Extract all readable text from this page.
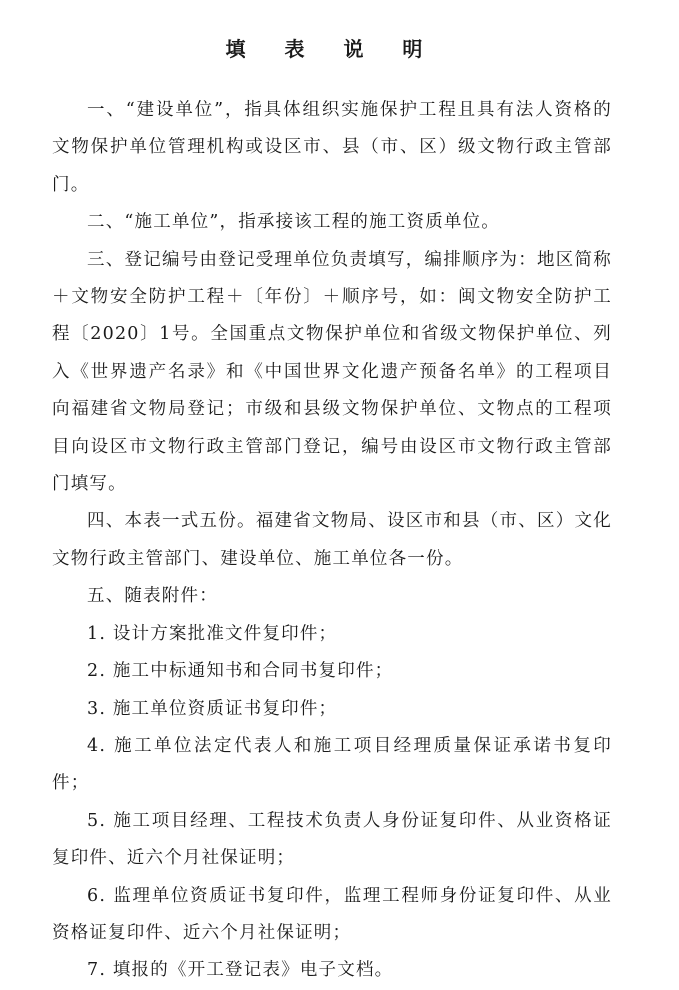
填 表 说 明

一、“建设单位”，指具体组织实施保护工程且具有法人资格的文物保护单位管理机构或设区市、县（市、区）级文物行政主管部门。

二、“施工单位”，指承接该工程的施工资质单位。

三、登记编号由登记受理单位负责填写，编排顺序为：地区简称＋文物安全防护工程＋〔年份〕＋顺序号，如：闽文物安全防护工程〔2020〕1号。全国重点文物保护单位和省级文物保护单位、列入《世界遗产名录》和《中国世界文化遗产预备名单》的工程项目向福建省文物局登记；市级和县级文物保护单位、文物点的工程项目向设区市文物行政主管部门登记，编号由设区市文物行政主管部门填写。

四、本表一式五份。福建省文物局、设区市和县（市、区）文化文物行政主管部门、建设单位、施工单位各一份。

五、随表附件：

1. 设计方案批准文件复印件；

2. 施工中标通知书和合同书复印件；

3. 施工单位资质证书复印件；

4. 施工单位法定代表人和施工项目经理质量保证承诺书复印件；

5. 施工项目经理、工程技术负责人身份证复印件、从业资格证复印件、近六个月社保证明；

6. 监理单位资质证书复印件，监理工程师身份证复印件、从业资格证复印件、近六个月社保证明；

7. 填报的《开工登记表》电子文档。
